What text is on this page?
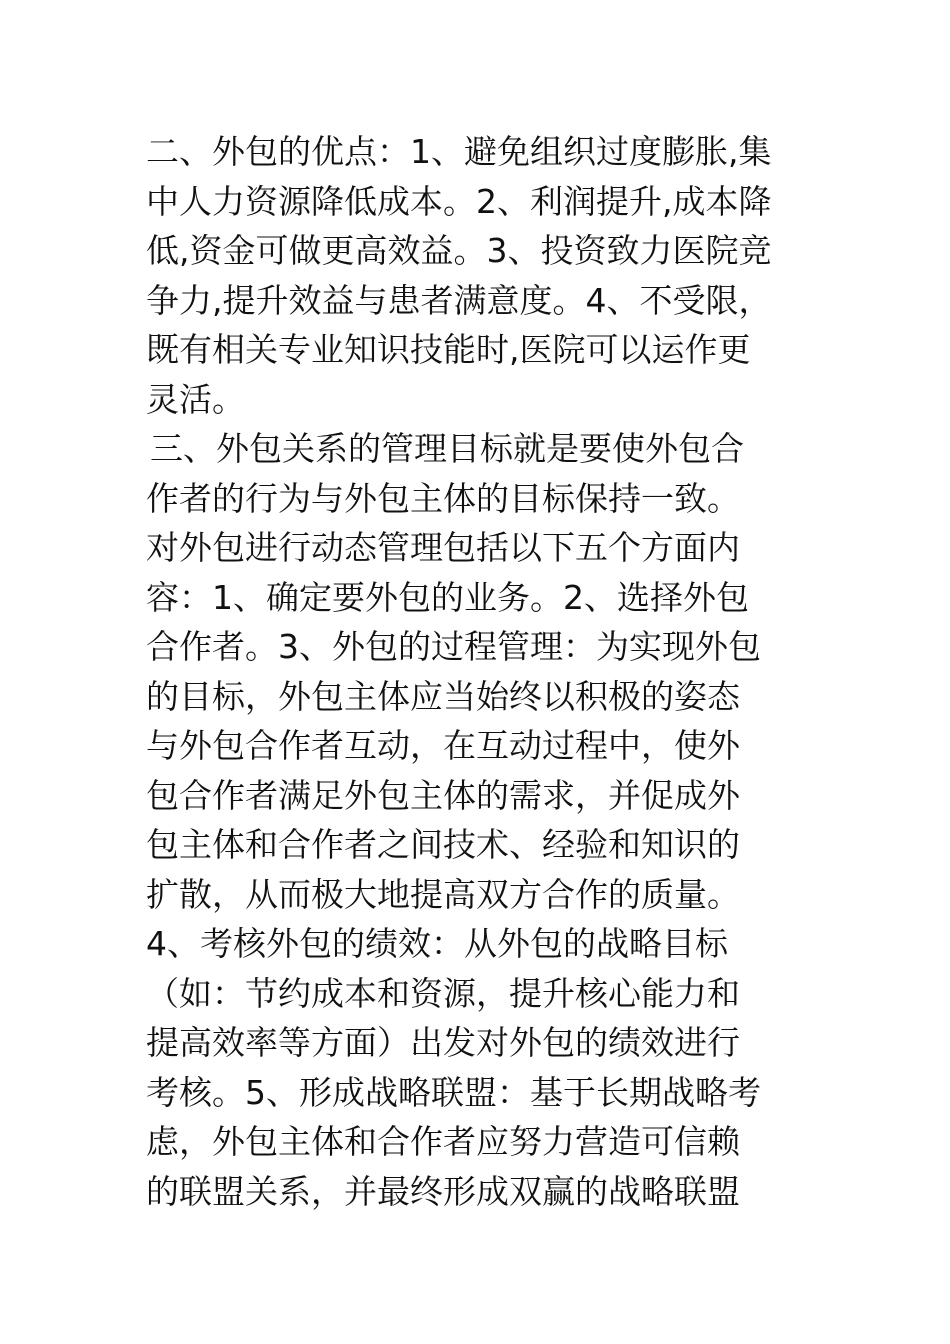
二、外包的优点：1、避免组织过度膨胀,集
中人力资源降低成本。2、利润提升,成本降
低,资金可做更高效益。3、投资致力医院竞
争力,提升效益与患者满意度。4、不受限，
既有相关专业知识技能时,医院可以运作更
灵活。
三、外包关系的管理目标就是要使外包合
作者的行为与外包主体的目标保持一致。
对外包进行动态管理包括以下五个方面内
容：1、确定要外包的业务。2、选择外包
合作者。3、外包的过程管理：为实现外包
的目标，外包主体应当始终以积极的姿态
与外包合作者互动，在互动过程中，使外
包合作者满足外包主体的需求，并促成外
包主体和合作者之间技术、经验和知识的
扩散，从而极大地提高双方合作的质量。
4、考核外包的绩效：从外包的战略目标
（如：节约成本和资源，提升核心能力和
提高效率等方面）出发对外包的绩效进行
考核。5、形成战略联盟：基于长期战略考
虑，外包主体和合作者应努力营造可信赖
的联盟关系，并最终形成双赢的战略联盟
